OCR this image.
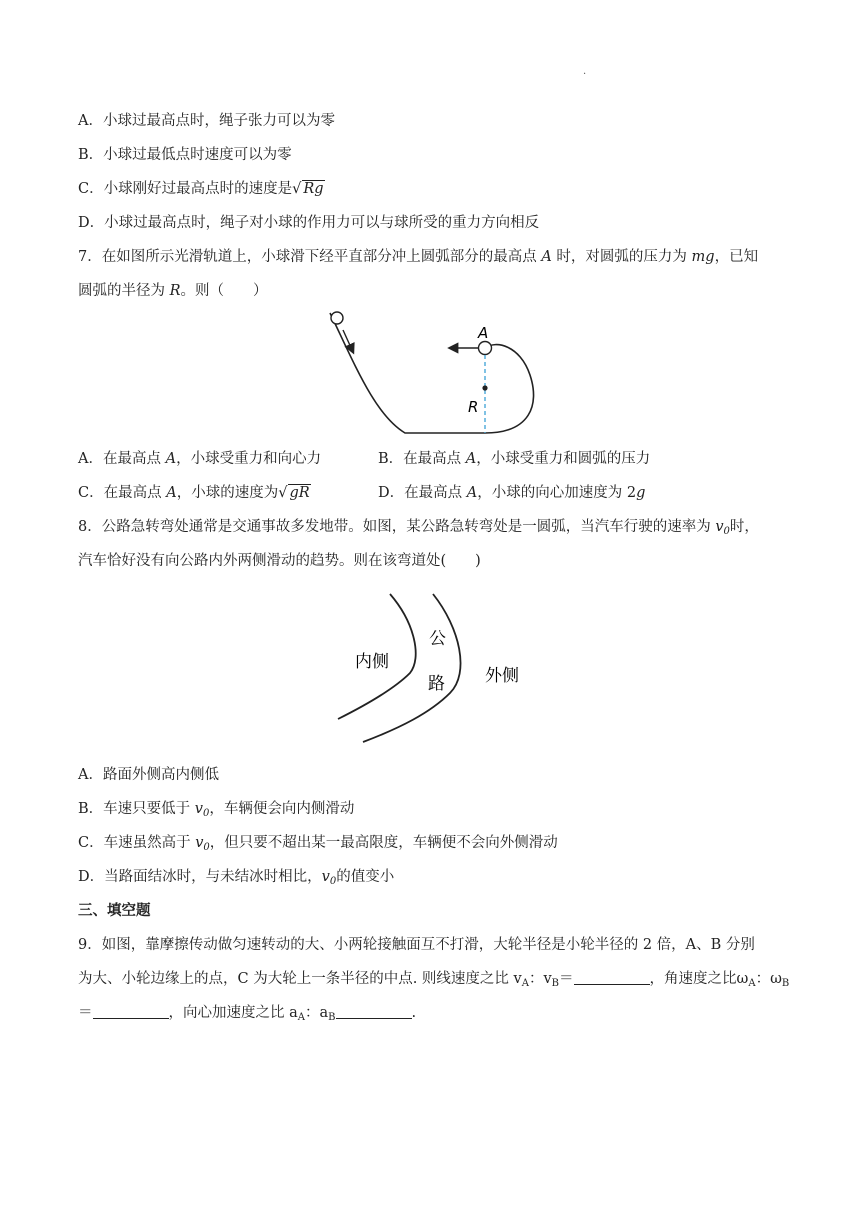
.
A．小球过最高点时，绳子张力可以为零
B．小球过最低点时速度可以为零
C．小球刚好过最高点时的速度是√ Rg
D．小球过最高点时，绳子对小球的作用力可以与球所受的重力方向相反
7．在如图所示光滑轨道上，小球滑下经平直部分冲上圆弧部分的最高点 A 时，对圆弧的压力为 mg，已知
圆弧的半径为 R。则（　　）
A
R
A．在最高点 A，小球受重力和向心力	B．在最高点 A，小球受重力和圆弧的压力
C．在最高点 A，小球的速度为√ gR	D．在最高点 A，小球的向心加速度为 2g
8．公路急转弯处通常是交通事故多发地带。如图，某公路急转弯处是一圆弧，当汽车行驶的速率为 $v_0$时，
汽车恰好没有向公路内外两侧滑动的趋势。则在该弯道处(　　)
内侧
公
路 外侧
A．路面外侧高内侧低
B．车速只要低于 $v_0$，车辆便会向内侧滑动
C．车速虽然高于 $v_0$，但只要不超出某一最高限度，车辆便不会向外侧滑动
D．当路面结冰时，与未结冰时相比，$v_0$的值变小
三、填空题
9．如图，靠摩擦传动做匀速转动的大、小两轮接触面互不打滑，大轮半径是小轮半径的 2 倍，A、B 分别
为大、小轮边缘上的点，C 为大轮上一条半径的中点. 则线速度之比 $v_A$：$v_B=$	，角速度之比$\omega_A$：$\omega_B$
＝	，向心加速度之比 $a_A$：$a_B$	.
